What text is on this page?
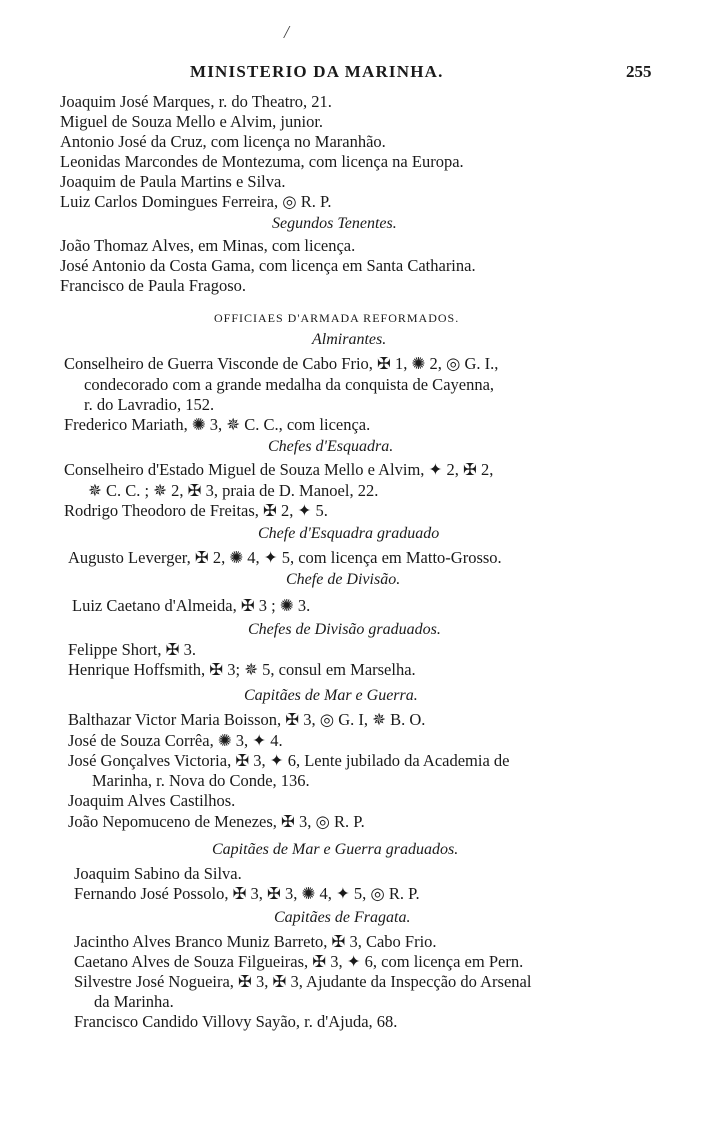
/
MINISTERIO DA MARINHA.	255
Joaquim José Marques, r. do Theatro, 21.
Miguel de Souza Mello e Alvim, junior.
Antonio José da Cruz, com licença no Maranhão.
Leonidas Marcondes de Montezuma, com licença na Europa.
Joaquim de Paula Martins e Silva.
Luiz Carlos Domingues Ferreira, ◎ R. P.
Segundos Tenentes.
João Thomaz Alves, em Minas, com licença.
José Antonio da Costa Gama, com licença em Santa Catharina.
Francisco de Paula Fragoso.
OFFICIAES D'ARMADA REFORMADOS.
Almirantes.
Conselheiro de Guerra Visconde de Cabo Frio, ✠ 1, ✺ 2, ◎ G. I.,
condecorado com a grande medalha da conquista de Cayenna,
r. do Lavradio, 152.
Frederico Mariath, ✺ 3, ✵ C. C., com licença.
Chefes d'Esquadra.
Conselheiro d'Estado Miguel de Souza Mello e Alvim, ✦ 2, ✠ 2,
✵ C. C. ; ✵ 2, ✠ 3, praia de D. Manoel, 22.
Rodrigo Theodoro de Freitas, ✠ 2, ✦ 5.
Chefe d'Esquadra graduado
Augusto Leverger, ✠ 2, ✺ 4, ✦ 5, com licença em Matto-Grosso.
Chefe de Divisão.
Luiz Caetano d'Almeida, ✠ 3 ; ✺ 3.
Chefes de Divisão graduados.
Felippe Short, ✠ 3.
Henrique Hoffsmith, ✠ 3; ✵ 5, consul em Marselha.
Capitães de Mar e Guerra.
Balthazar Victor Maria Boisson, ✠ 3, ◎ G. I, ✵ B. O.
José de Souza Corrêa, ✺ 3, ✦ 4.
José Gonçalves Victoria, ✠ 3, ✦ 6, Lente jubilado da Academia de
Marinha, r. Nova do Conde, 136.
Joaquim Alves Castilhos.
João Nepomuceno de Menezes, ✠ 3, ◎ R. P.
Capitães de Mar e Guerra graduados.
Joaquim Sabino da Silva.
Fernando José Possolo, ✠ 3, ✠ 3, ✺ 4, ✦ 5, ◎ R. P.
Capitães de Fragata.
Jacintho Alves Branco Muniz Barreto, ✠ 3, Cabo Frio.
Caetano Alves de Souza Filgueiras, ✠ 3, ✦ 6, com licença em Pern.
Silvestre José Nogueira, ✠ 3, ✠ 3, Ajudante da Inspecção do Arsenal
da Marinha.
Francisco Candido Villovy Sayão, r. d'Ajuda, 68.
